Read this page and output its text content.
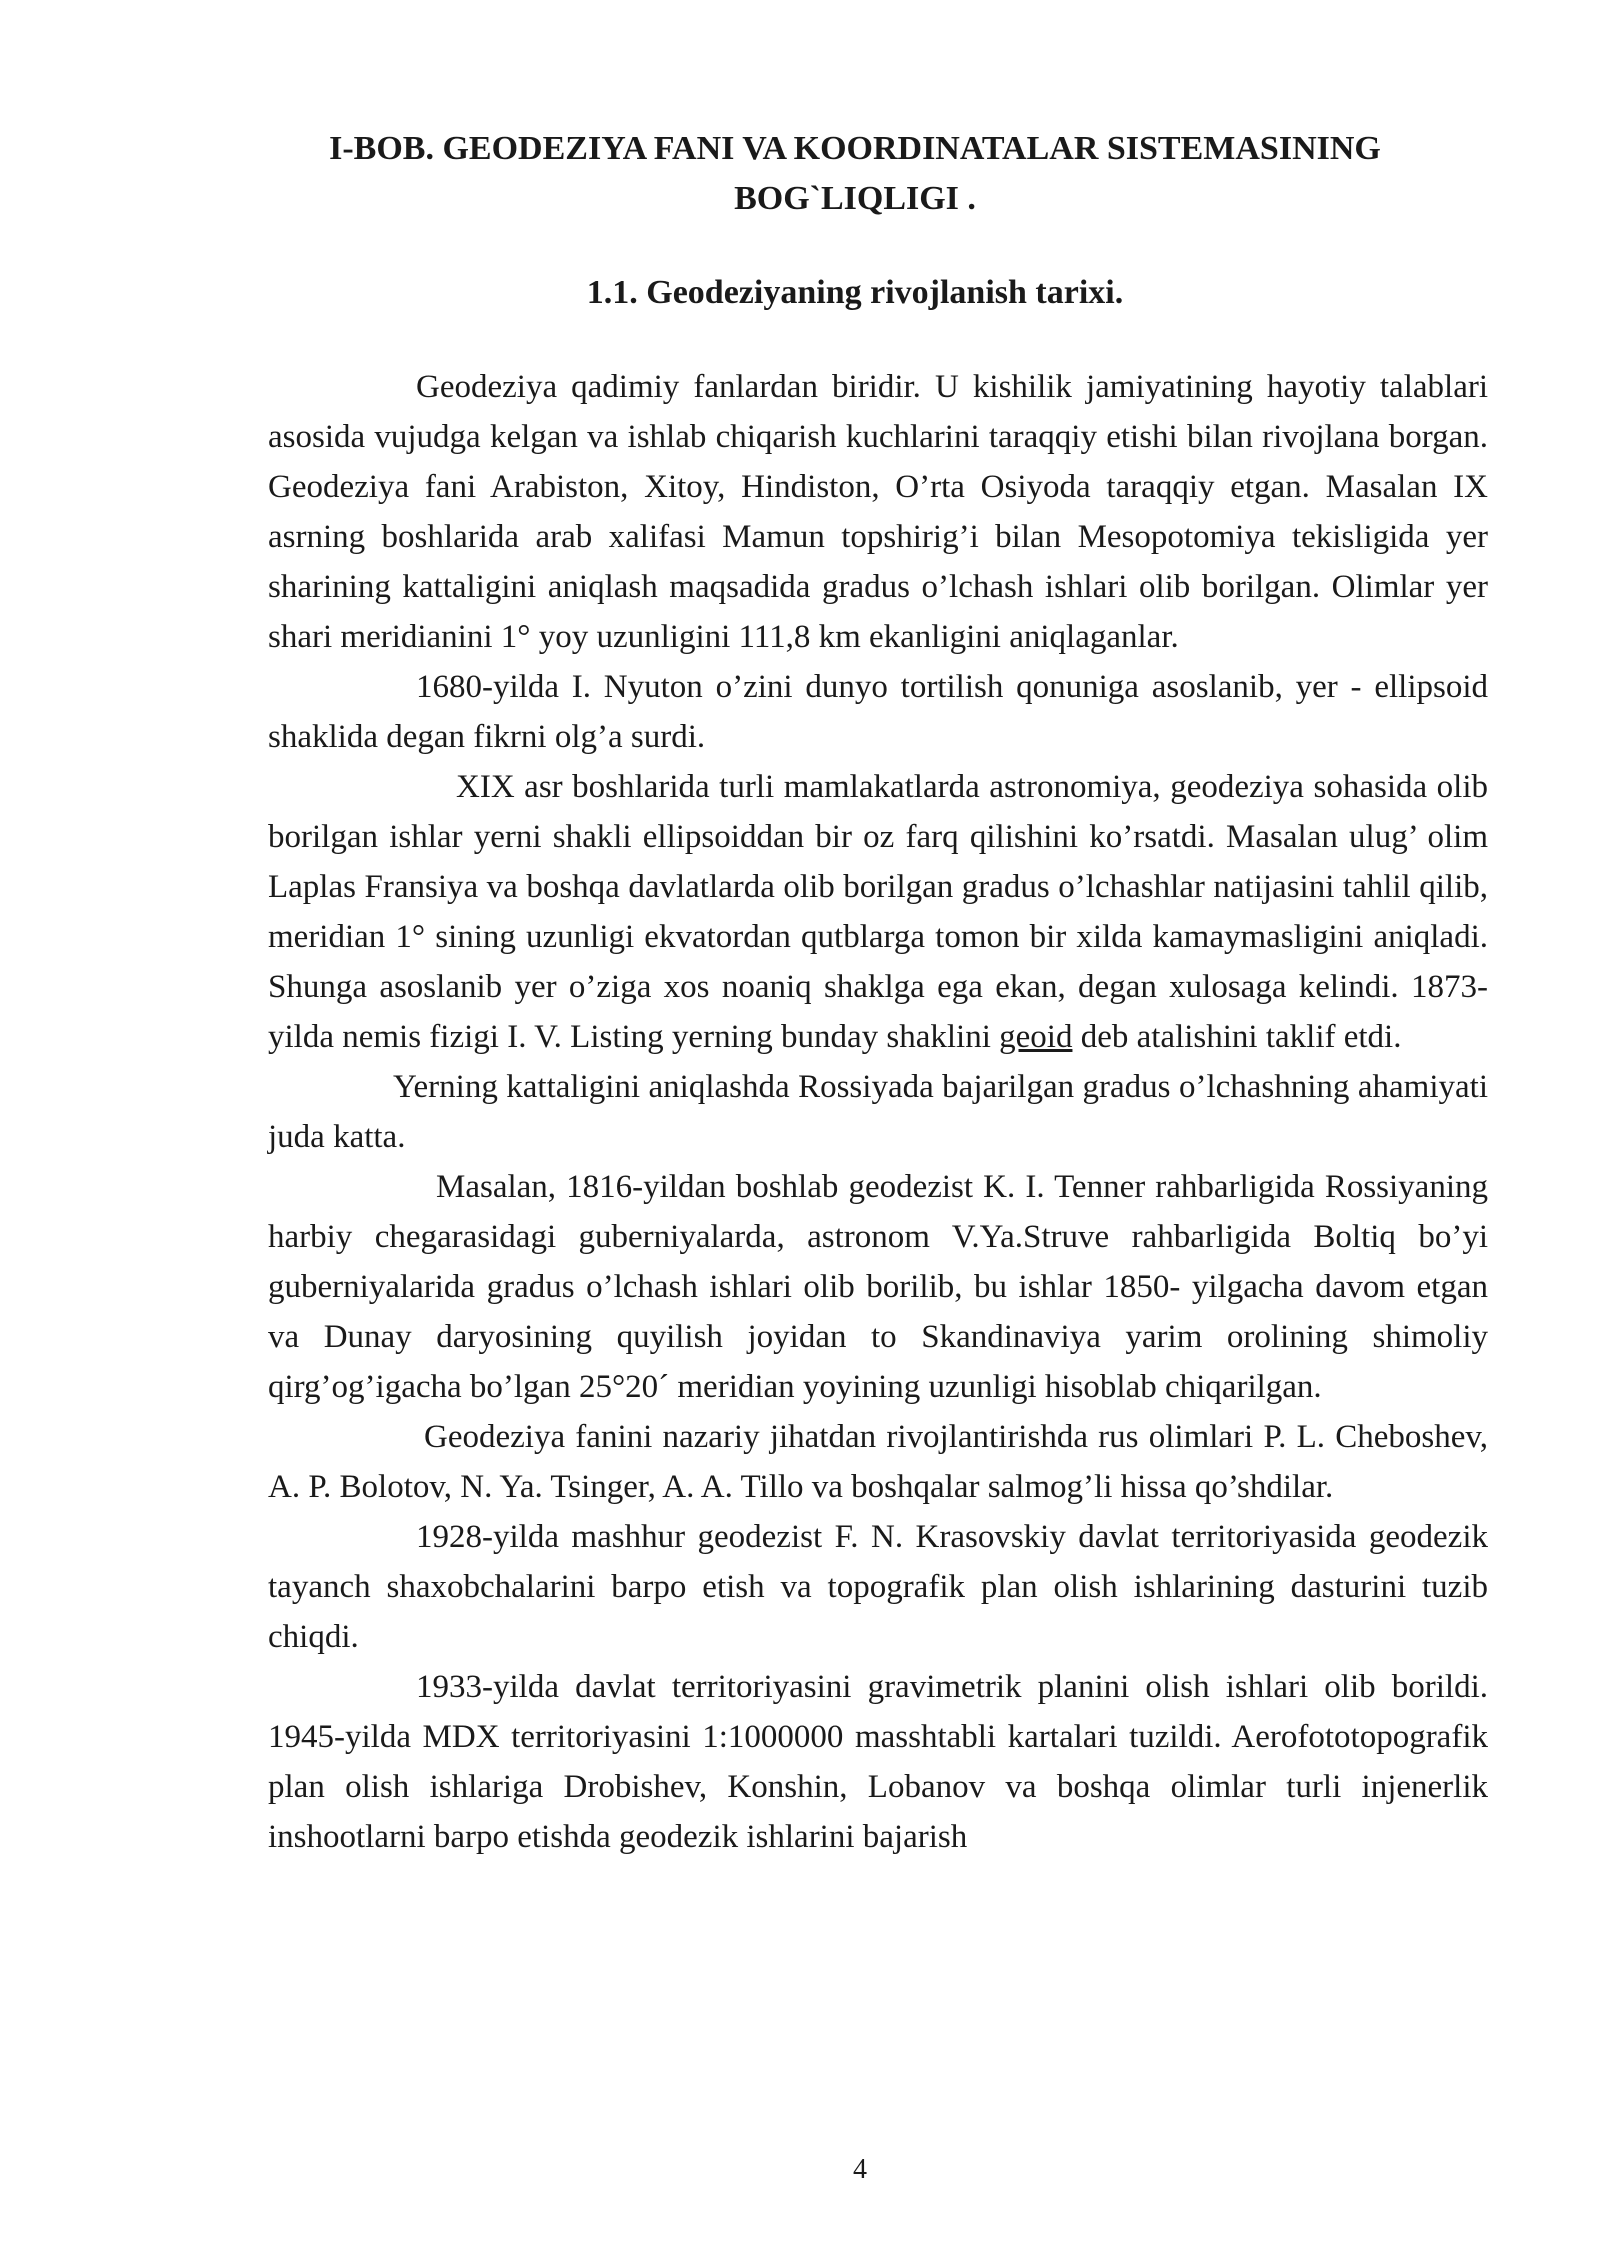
I-BOB. GEODEZIYA FANI VA KOORDINATALAR SISTEMASINING BOG`LIQLIGI .
1.1. Geodeziyaning rivojlanish tarixi.

Geodeziya qadimiy fanlardan biridir. U kishilik jamiyatining hayotiy talablari asosida vujudga kelgan va ishlab chiqarish kuchlarini taraqqiy etishi bilan rivojlana borgan. Geodeziya fani Arabiston, Xitoy, Hindiston, O’rta Osiyoda taraqqiy etgan. Masalan IX asrning boshlarida arab xalifasi Mamun topshirig’i bilan Mesopotomiya tekisligida yer sharining kattaligini aniqlash maqsadida gradus o’lchash ishlari olib borilgan. Olimlar yer shari meridianini 1° yoy uzunligini 111,8 km ekanligini aniqlaganlar.

1680-yilda I. Nyuton o’zini dunyo tortilish qonuniga asoslanib, yer - ellipsoid shaklida degan fikrni olg’a surdi.

XIX asr boshlarida turli mamlakatlarda astronomiya, geodeziya sohasida olib borilgan ishlar yerni shakli ellipsoiddan bir oz farq qilishini ko’rsatdi. Masalan ulug’ olim Laplas Fransiya va boshqa davlatlarda olib borilgan gradus o’lchashlar natijasini tahlil qilib, meridian 1° sining uzunligi ekvatordan qutblarga tomon bir xilda kamaymasligini aniqladi. Shunga asoslanib yer o’ziga xos noaniq shaklga ega ekan, degan xulosaga kelindi. 1873-yilda nemis fizigi I. V. Listing yerning bunday shaklini geoid deb atalishini taklif etdi.

Yerning kattaligini aniqlashda Rossiyada bajarilgan gradus o’lchashning ahamiyati juda katta.

Masalan, 1816-yildan boshlab geodezist K. I. Tenner rahbarligida Rossiyaning harbiy chegarasidagi guberniyalarda, astronom V.Ya.Struve rahbarligida Boltiq bo’yi guberniyalarida gradus o’lchash ishlari olib borilib, bu ishlar 1850- yilgacha davom etgan va Dunay daryosining quyilish joyidan to Skandinaviya yarim orolining shimoliy qirg’og’igacha bo’lgan 25°20´ meridian yoyining uzunligi hisoblab chiqarilgan.

Geodeziya fanini nazariy jihatdan rivojlantirishda rus olimlari P. L. Cheboshev, A. P. Bolotov, N. Ya. Tsinger, A. A. Tillo va boshqalar salmog’li hissa qo’shdilar.

1928-yilda mashhur geodezist F. N. Krasovskiy davlat territoriyasida geodezik tayanch shaxobchalarini barpo etish va topografik plan olish ishlarining dasturini tuzib chiqdi.

1933-yilda davlat territoriyasini gravimetrik planini olish ishlari olib borildi. 1945-yilda MDX territoriyasini 1:1000000 masshtabli kartalari tuzildi. Aerofototopografik plan olish ishlariga Drobishev, Konshin, Lobanov va boshqa olimlar turli injenerlik inshootlarni barpo etishda geodezik ishlarini bajarish

4
